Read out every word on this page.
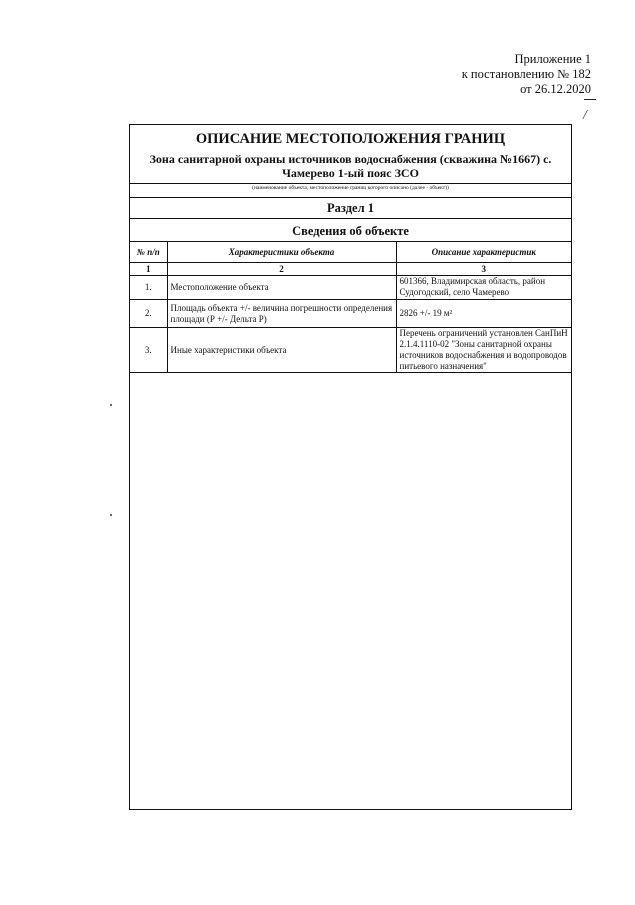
Приложение 1
к постановлению № 182
от 26.12.2020
/
ОПИСАНИЕ МЕСТОПОЛОЖЕНИЯ ГРАНИЦ
Зона санитарной охраны источников водоснабжения (скважина №1667) с. Чамерево 1-ый пояс ЗСО
(наименование объекта, местоположение границ которого описано (далее - объект))
Раздел 1
Сведения об объекте
№ п/п	Характеристики объекта	Описание характеристик
1	2	3
1.	Местоположение объекта	601366, Владимирская область, район Судогодский, село Чамерево
2.	Площадь объекта +/- величина погрешности определения площади (Р +/- Дельта Р)	2826 +/- 19 м²
3.	Иные характеристики объекта	Перечень ограничений установлен СанПиН 2.1.4.1110-02 "Зоны санитарной охраны источников водоснабжения и водопроводов питьевого назначения"
